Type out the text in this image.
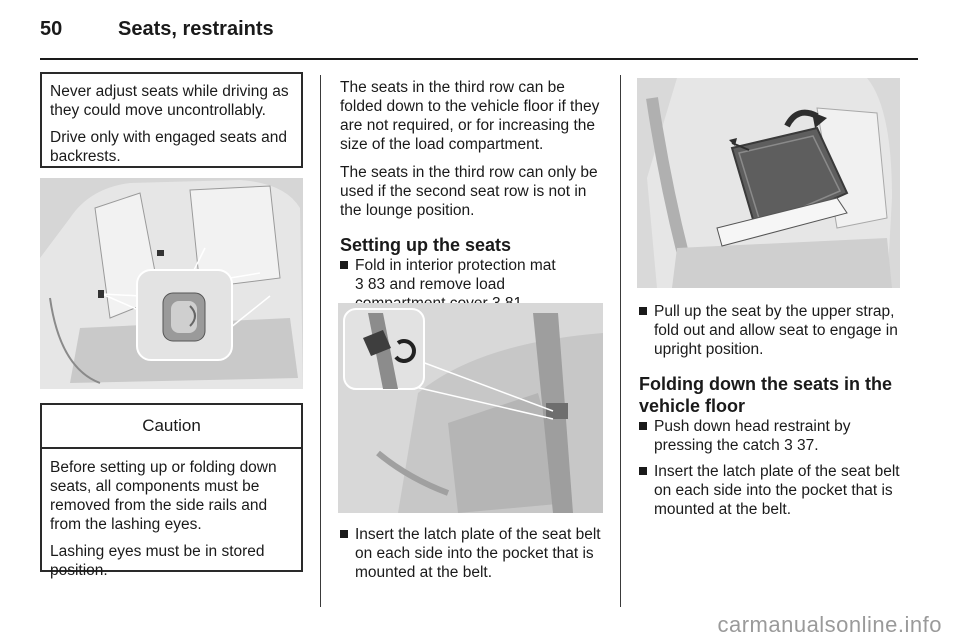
50	Seats, restraints

Never adjust seats while driving as they could move uncontrollably.

Drive only with engaged seats and backrests.

Caution

Before setting up or folding down seats, all components must be removed from the side rails and from the lashing eyes.

Lashing eyes must be in stored position.

The seats in the third row can be folded down to the vehicle floor if they are not required, or for increasing the size of the load compartment.

The seats in the third row can only be used if the second seat row is not in the lounge position.

Setting up the seats
Fold in interior protection mat
3 83 and remove load

Insert the latch plate of the seat belt on each side into the pocket that is mounted at the belt.
Pull up the seat by the upper strap, fold out and allow seat to engage in upright position.
Folding down the seats in the vehicle floor
Push down head restraint by pressing the catch 3 37.
Insert the latch plate of the seat belt on each side into the pocket that is mounted at the belt.
carmanualsonline.info
